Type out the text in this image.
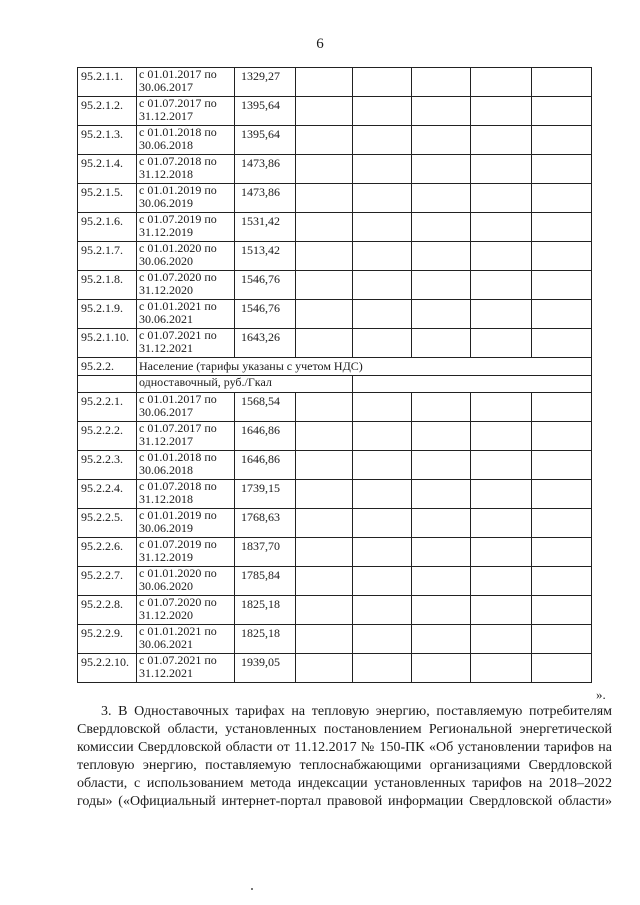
6
95.2.1.1.	с 01.01.2017 по
30.06.2017	1329,27					
95.2.1.2.	с 01.07.2017 по
31.12.2017	1395,64					
95.2.1.3.	с 01.01.2018 по
30.06.2018	1395,64					
95.2.1.4.	с 01.07.2018 по
31.12.2018	1473,86					
95.2.1.5.	с 01.01.2019 по
30.06.2019	1473,86					
95.2.1.6.	с 01.07.2019 по
31.12.2019	1531,42					
95.2.1.7.	с 01.01.2020 по
30.06.2020	1513,42					
95.2.1.8.	с 01.07.2020 по
31.12.2020	1546,76					
95.2.1.9.	с 01.01.2021 по
30.06.2021	1546,76					
95.2.1.10.	с 01.07.2021 по
31.12.2021	1643,26					
95.2.2.	Население (тарифы указаны с учетом НДС)						
	одноставочный, руб./Гкал						
95.2.2.1.	с 01.01.2017 по
30.06.2017	1568,54					
95.2.2.2.	с 01.07.2017 по
31.12.2017	1646,86					
95.2.2.3.	с 01.01.2018 по
30.06.2018	1646,86					
95.2.2.4.	с 01.07.2018 по
31.12.2018	1739,15					
95.2.2.5.	с 01.01.2019 по
30.06.2019	1768,63					
95.2.2.6.	с 01.07.2019 по
31.12.2019	1837,70					
95.2.2.7.	с 01.01.2020 по
30.06.2020	1785,84					
95.2.2.8.	с 01.07.2020 по
31.12.2020	1825,18					
95.2.2.9.	с 01.01.2021 по
30.06.2021	1825,18					
95.2.2.10.	с 01.07.2021 по
31.12.2021	1939,05					
».
3. В Одноставочных тарифах на тепловую энергию, поставляемую потребителям Свердловской области, установленных постановлением Региональной энергетической комиссии Свердловской области от 11.12.2017 № 150-ПК «Об установлении тарифов на тепловую энергию, поставляемую теплоснабжающими организациями Свердловской области, с использованием метода индексации установленных тарифов на 2018–2022 годы» («Официальный интернет-портал правовой информации Свердловской области»
